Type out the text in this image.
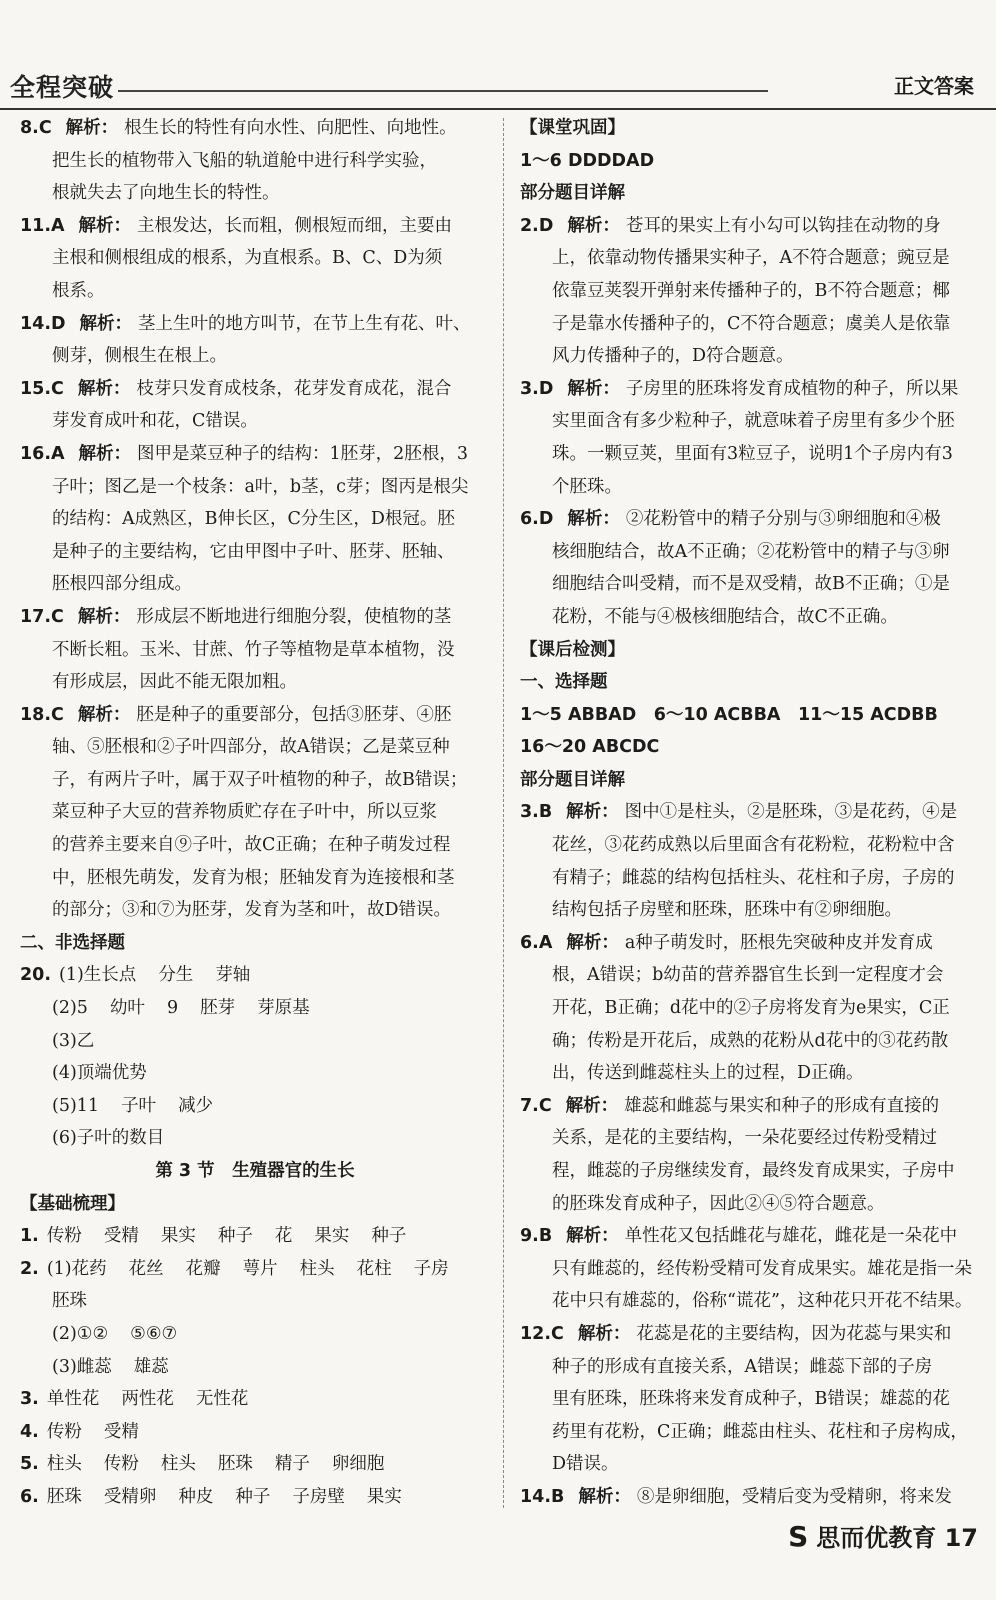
全程突破	正文答案
8.C 解析： 根生长的特性有向水性、向肥性、向地性。
把生长的植物带入飞船的轨道舱中进行科学实验，
根就失去了向地生长的特性。
11.A 解析： 主根发达，长而粗，侧根短而细，主要由
主根和侧根组成的根系，为直根系。B、C、D为须
根系。
14.D 解析： 茎上生叶的地方叫节，在节上生有花、叶、
侧芽，侧根生在根上。
15.C 解析： 枝芽只发育成枝条，花芽发育成花，混合
芽发育成叶和花，C错误。
16.A 解析： 图甲是菜豆种子的结构：1胚芽，2胚根，3
子叶；图乙是一个枝条：a叶，b茎，c芽；图丙是根尖
的结构：A成熟区，B伸长区，C分生区，D根冠。胚
是种子的主要结构，它由甲图中子叶、胚芽、胚轴、
胚根四部分组成。
17.C 解析： 形成层不断地进行细胞分裂，使植物的茎
不断长粗。玉米、甘蔗、竹子等植物是草本植物，没
有形成层，因此不能无限加粗。
18.C 解析： 胚是种子的重要部分，包括③胚芽、④胚
轴、⑤胚根和②子叶四部分，故A错误；乙是菜豆种
子，有两片子叶，属于双子叶植物的种子，故B错误；
菜豆种子大豆的营养物质贮存在子叶中，所以豆浆
的营养主要来自⑨子叶，故C正确；在种子萌发过程
中，胚根先萌发，发育为根；胚轴发育为连接根和茎
的部分；③和⑦为胚芽，发育为茎和叶，故D错误。
二、非选择题
20. (1)生长点 分生 芽轴
(2)5 幼叶 9 胚芽 芽原基
(3)乙
(4)顶端优势
(5)11 子叶 减少
(6)子叶的数目
第 3 节　生殖器官的生长
【基础梳理】
1. 传粉 受精 果实 种子 花 果实 种子
2. (1)花药 花丝 花瓣 萼片 柱头 花柱 子房
胚珠
(2)①② ⑤⑥⑦
(3)雌蕊 雄蕊
3. 单性花 两性花 无性花
4. 传粉 受精
5. 柱头 传粉 柱头 胚珠 精子 卵细胞
6. 胚珠 受精卵 种皮 种子 子房壁 果实
【课堂巩固】
1～6 DDDDAD
部分题目详解
2.D 解析： 苍耳的果实上有小勾可以钩挂在动物的身
上，依靠动物传播果实种子，A不符合题意；豌豆是
依靠豆荚裂开弹射来传播种子的，B不符合题意；椰
子是靠水传播种子的，C不符合题意；虞美人是依靠
风力传播种子的，D符合题意。
3.D 解析： 子房里的胚珠将发育成植物的种子，所以果
实里面含有多少粒种子，就意味着子房里有多少个胚
珠。一颗豆荚，里面有3粒豆子，说明1个子房内有3
个胚珠。
6.D 解析： ②花粉管中的精子分别与③卵细胞和④极
核细胞结合，故A不正确；②花粉管中的精子与③卵
细胞结合叫受精，而不是双受精，故B不正确；①是
花粉，不能与④极核细胞结合，故C不正确。
【课后检测】
一、选择题
1～5 ABBAD　6～10 ACBBA　11～15 ACDBB
16～20 ABCDC
部分题目详解
3.B 解析： 图中①是柱头，②是胚珠，③是花药，④是
花丝，③花药成熟以后里面含有花粉粒，花粉粒中含
有精子；雌蕊的结构包括柱头、花柱和子房，子房的
结构包括子房壁和胚珠，胚珠中有②卵细胞。
6.A 解析： a种子萌发时，胚根先突破种皮并发育成
根，A错误；b幼苗的营养器官生长到一定程度才会
开花，B正确；d花中的②子房将发育为e果实，C正
确；传粉是开花后，成熟的花粉从d花中的③花药散
出，传送到雌蕊柱头上的过程，D正确。
7.C 解析： 雄蕊和雌蕊与果实和种子的形成有直接的
关系，是花的主要结构，一朵花要经过传粉受精过
程，雌蕊的子房继续发育，最终发育成果实，子房中
的胚珠发育成种子，因此②④⑤符合题意。
9.B 解析： 单性花又包括雌花与雄花，雌花是一朵花中
只有雌蕊的，经传粉受精可发育成果实。雄花是指一朵
花中只有雄蕊的，俗称“谎花”，这种花只开花不结果。
12.C 解析： 花蕊是花的主要结构，因为花蕊与果实和
种子的形成有直接关系，A错误；雌蕊下部的子房
里有胚珠，胚珠将来发育成种子，B错误；雄蕊的花
药里有花粉，C正确；雌蕊由柱头、花柱和子房构成，
D错误。
14.B 解析： ⑧是卵细胞，受精后变为受精卵，将来发
S 思而优教育 17
